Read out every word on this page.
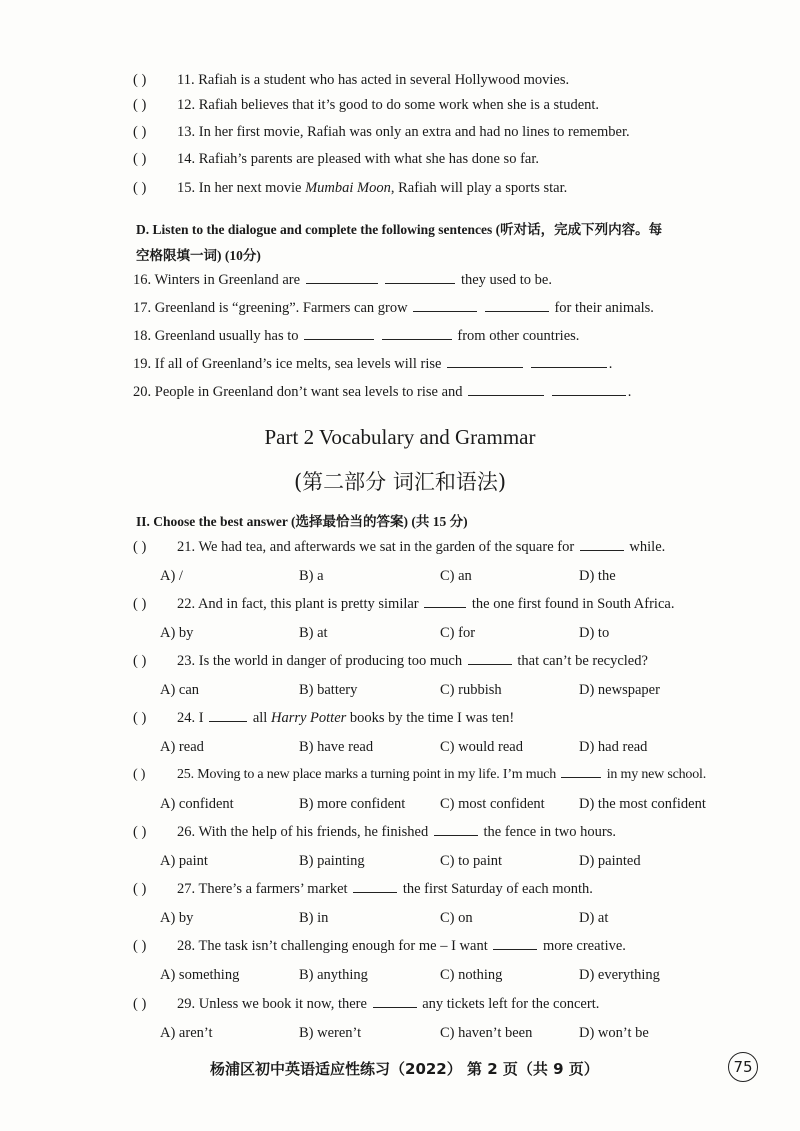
( ) 11. Rafiah is a student who has acted in several Hollywood movies.
( ) 12. Rafiah believes that it’s good to do some work when she is a student.
( ) 13. In her first movie, Rafiah was only an extra and had no lines to remember.
( ) 14. Rafiah’s parents are pleased with what she has done so far.
( ) 15. In her next movie Mumbai Moon, Rafiah will play a sports star.
D. Listen to the dialogue and complete the following sentences (听对话，完成下列内容。每
空格限填一词) (10分)
16. Winters in Greenland are	they used to be.
17. Greenland is “greening”. Farmers can grow	for their animals.
18. Greenland usually has to	from other countries.
19. If all of Greenland’s ice melts, sea levels will rise	.
20. People in Greenland don’t want sea levels to rise and	.
Part 2 Vocabulary and Grammar
(第二部分 词汇和语法)
II. Choose the best answer (选择最恰当的答案) (共 15 分)
( ) 21. We had tea, and afterwards we sat in the garden of the square for	while.
A) /	B) a	C) an	D) the
( ) 22. And in fact, this plant is pretty similar	the one first found in South Africa.
A) by	B) at	C) for	D) to
( ) 23. Is the world in danger of producing too much	that can’t be recycled?
A) can	B) battery	C) rubbish	D) newspaper
( ) 24. I	all Harry Potter books by the time I was ten!
A) read	B) have read	C) would read	D) had read
( ) 25. Moving to a new place marks a turning point in my life. I’m much	in my new school.
A) confident	B) more confident C) most confident D) the most confident
( ) 26. With the help of his friends, he finished	the fence in two hours.
A) paint	B) painting	C) to paint	D) painted
( ) 27. There’s a farmers’ market	the first Saturday of each month.
A) by	B) in	C) on	D) at
( ) 28. The task isn’t challenging enough for me – I want	more creative.
A) something	B) anything	C) nothing	D) everything
( ) 29. Unless we book it now, there	any tickets left for the concert.
A) aren’t	B) weren’t	C) haven’t been	D) won’t be
杨浦区初中英语适应性练习（2022） 第 2 页（共 9 页）	75
